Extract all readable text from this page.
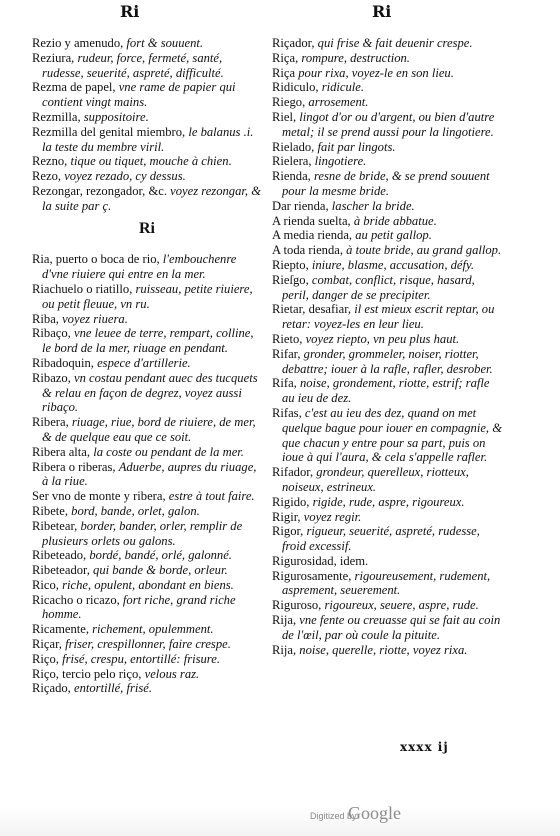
Ri	Ri

Rezio y amenudo, fort & souuent.

Reziura, rudeur, force, fermeté, santé, rudesse, seuerité, aspreté, difficulté.

Rezma de papel, vne rame de papier qui contient vingt mains.

Rezmilla, suppositoire.

Rezmilla del genital miembro, le balanus .i. la teste du membre viril.

Rezno, tique ou tiquet, mouche à chien.

Rezo, voyez rezado, cy dessus.

Rezongar, rezongador, &c. voyez rezongar, & la suite par ç.

Ri

Ria, puerto o boca de rio, l'embouchenre d'vne riuiere qui entre en la mer.

Riachuelo o riatillo, ruisseau, petite riuiere, ou petit fleuue, vn ru.

Riba, voyez riuera.

Ribaço, vne leuee de terre, rempart, colline, le bord de la mer, riuage en pendant.

Ribadoquin, espece d'artillerie.

Ribazo, vn costau pendant auec des tucquets & relau en façon de degrez, voyez aussi ribaço.

Ribera, riuage, riue, bord de riuiere, de mer, & de quelque eau que ce soit.

Ribera alta, la coste ou pendant de la mer.

Ribera o riberas, Aduerbe, aupres du riuage, à la riue.

Ser vno de monte y ribera, estre à tout faire.

Ribete, bord, bande, orlet, galon.

Ribetear, border, bander, orler, remplir de plusieurs orlets ou galons.

Ribeteado, bordé, bandé, orlé, galonné.

Ribeteador, qui bande & borde, orleur.

Rico, riche, opulent, abondant en biens.

Ricacho o ricazo, fort riche, grand riche homme.

Ricamente, richement, opulemment.

Riçar, friser, crespillonner, faire crespe.

Riço, frisé, crespu, entortillé: frisure.

Riço, tercio pelo riço, velous raz.

Riçado, entortillé, frisé.

Riçador, qui frise & fait deuenir crespe.

Riça, rompure, destruction.

Riça pour rixa, voyez-le en son lieu.

Ridiculo, ridicule.

Riego, arrosement.

Riel, lingot d'or ou d'argent, ou bien d'autre metal; il se prend aussi pour la lingotiere.

Rielado, fait par lingots.

Rielera, lingotiere.

Rienda, resne de bride, & se prend souuent pour la mesme bride.

Dar rienda, lascher la bride.

A rienda suelta, à bride abbatue.

A media rienda, au petit gallop.

A toda rienda, à toute bride, au grand gallop.

Riepto, iniure, blasme, accusation, défy.

Rieſgo, combat, conflict, risque, hasard, peril, danger de se precipiter.

Rietar, desafiar, il est mieux escrit reptar, ou retar: voyez-les en leur lieu.

Rieto, voyez riepto, vn peu plus haut.

Rifar, gronder, grommeler, noiser, riotter, debattre; iouer à la rafle, rafler, desrober.

Rifa, noise, grondement, riotte, estrif; rafle au ieu de dez.

Rifas, c'est au ieu des dez, quand on met quelque bague pour iouer en compagnie, & que chacun y entre pour sa part, puis on ioue à qui l'aura, & cela s'appelle rafler.

Rifador, grondeur, querelleux, riotteux, noiseux, estrineux.

Rigido, rigide, rude, aspre, rigoureux.

Rigir, voyez regir.

Rigor, rigueur, seuerité, aspreté, rudesse, froid excessif.

Rigurosidad, idem.

Rigurosamente, rigoureusement, rudement, asprement, seuerement.

Riguroso, rigoureux, seuere, aspre, rude.

Rija, vne fente ou creuasse qui se fait au coin de l'œil, par où coule la pituite.

Rija, noise, querelle, riotte, voyez rixa.

xxxx ij
Digitized by
Google
